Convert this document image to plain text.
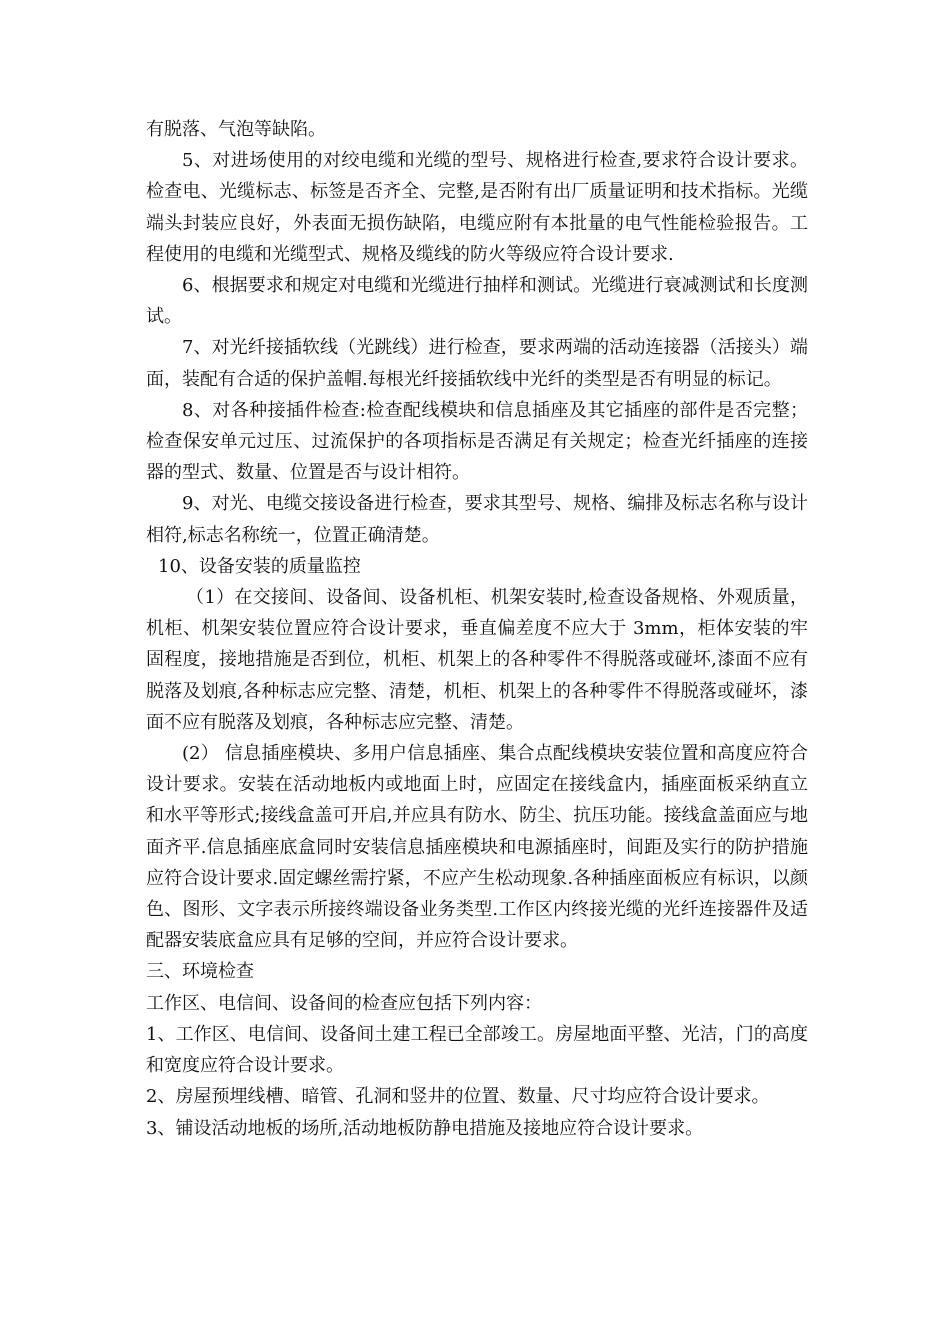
有脱落、气泡等缺陷。

5、对进场使用的对绞电缆和光缆的型号、规格进行检查,要求符合设计要求。检查电、光缆标志、标签是否齐全、完整,是否附有出厂质量证明和技术指标。光缆端头封装应良好，外表面无损伤缺陷，电缆应附有本批量的电气性能检验报告。工程使用的电缆和光缆型式、规格及缆线的防火等级应符合设计要求.

6、根据要求和规定对电缆和光缆进行抽样和测试。光缆进行衰减测试和长度测试。

7、对光纤接插软线（光跳线）进行检查，要求两端的活动连接器（活接头）端面，装配有合适的保护盖帽.每根光纤接插软线中光纤的类型是否有明显的标记。

8、对各种接插件检查:检查配线模块和信息插座及其它插座的部件是否完整；检查保安单元过压、过流保护的各项指标是否满足有关规定；检查光纤插座的连接器的型式、数量、位置是否与设计相符。

9、对光、电缆交接设备进行检查，要求其型号、规格、编排及标志名称与设计相符,标志名称统一，位置正确清楚。

10、设备安装的质量监控

（1）在交接间、设备间、设备机柜、机架安装时,检查设备规格、外观质量，机柜、机架安装位置应符合设计要求，垂直偏差度不应大于 3mm，柜体安装的牢固程度，接地措施是否到位，机柜、机架上的各种零件不得脱落或碰坏,漆面不应有脱落及划痕,各种标志应完整、清楚，机柜、机架上的各种零件不得脱落或碰坏，漆面不应有脱落及划痕，各种标志应完整、清楚。

(2） 信息插座模块、多用户信息插座、集合点配线模块安装位置和高度应符合设计要求。安装在活动地板内或地面上时，应固定在接线盒内，插座面板采纳直立和水平等形式;接线盒盖可开启,并应具有防水、防尘、抗压功能。接线盒盖面应与地面齐平.信息插座底盒同时安装信息插座模块和电源插座时，间距及实行的防护措施应符合设计要求.固定螺丝需拧紧，不应产生松动现象.各种插座面板应有标识，以颜色、图形、文字表示所接终端设备业务类型.工作区内终接光缆的光纤连接器件及适配器安装底盒应具有足够的空间，并应符合设计要求。

三、环境检查

工作区、电信间、设备间的检查应包括下列内容：

1、工作区、电信间、设备间土建工程已全部竣工。房屋地面平整、光洁，门的高度和宽度应符合设计要求。

2、房屋预埋线槽、暗管、孔洞和竖井的位置、数量、尺寸均应符合设计要求。

3、铺设活动地板的场所,活动地板防静电措施及接地应符合设计要求。
